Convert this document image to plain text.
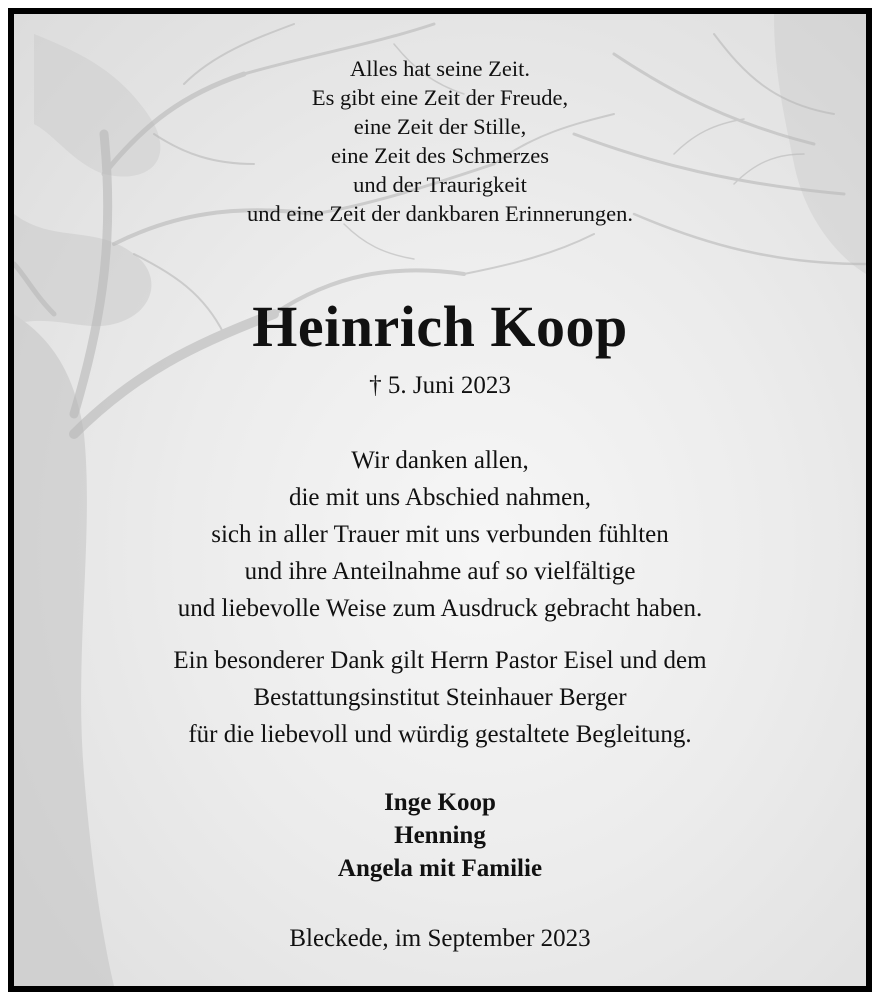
Alles hat seine Zeit.
Es gibt eine Zeit der Freude,
eine Zeit der Stille,
eine Zeit des Schmerzes
und der Traurigkeit
und eine Zeit der dankbaren Erinnerungen.
Heinrich Koop
† 5. Juni 2023
Wir danken allen,
die mit uns Abschied nahmen,
sich in aller Trauer mit uns verbunden fühlten
und ihre Anteilnahme auf so vielfältige
und liebevolle Weise zum Ausdruck gebracht haben.
Ein besonderer Dank gilt Herrn Pastor Eisel und dem
Bestattungsinstitut Steinhauer Berger
für die liebevoll und würdig gestaltete Begleitung.
Inge Koop
Henning
Angela mit Familie
Bleckede, im September 2023
